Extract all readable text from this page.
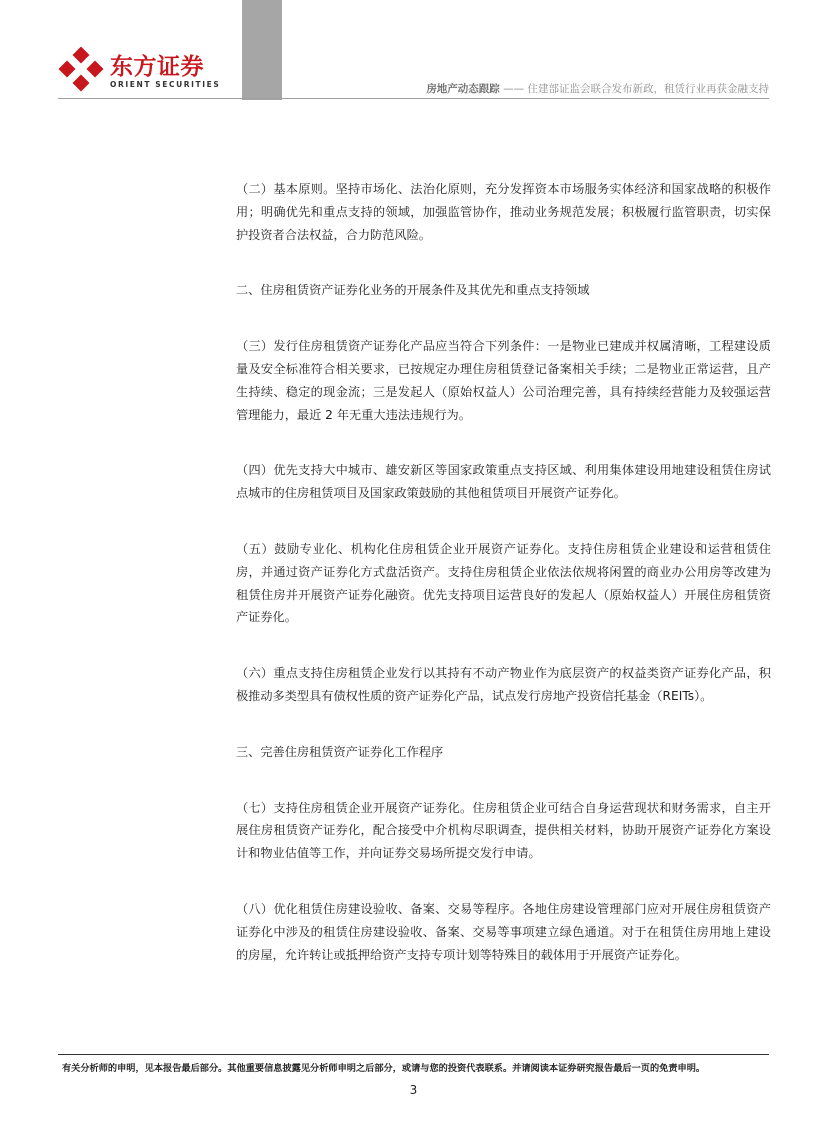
东方证券
ORIENT SECURITIES	房地产动态跟踪 —— 住建部证监会联合发布新政，租赁行业再获金融支持

（二）基本原则。坚持市场化、法治化原则，充分发挥资本市场服务实体经济和国家战略的积极作用；明确优先和重点支持的领域，加强监管协作，推动业务规范发展；积极履行监管职责，切实保护投资者合法权益，合力防范风险。

二、住房租赁资产证券化业务的开展条件及其优先和重点支持领域

（三）发行住房租赁资产证券化产品应当符合下列条件：一是物业已建成并权属清晰，工程建设质量及安全标准符合相关要求，已按规定办理住房租赁登记备案相关手续；二是物业正常运营，且产生持续、稳定的现金流；三是发起人（原始权益人）公司治理完善，具有持续经营能力及较强运营管理能力，最近 2 年无重大违法违规行为。

（四）优先支持大中城市、雄安新区等国家政策重点支持区域、利用集体建设用地建设租赁住房试点城市的住房租赁项目及国家政策鼓励的其他租赁项目开展资产证券化。

（五）鼓励专业化、机构化住房租赁企业开展资产证券化。支持住房租赁企业建设和运营租赁住房，并通过资产证券化方式盘活资产。支持住房租赁企业依法依规将闲置的商业办公用房等改建为租赁住房并开展资产证券化融资。优先支持项目运营良好的发起人（原始权益人）开展住房租赁资产证券化。

（六）重点支持住房租赁企业发行以其持有不动产物业作为底层资产的权益类资产证券化产品，积极推动多类型具有债权性质的资产证券化产品，试点发行房地产投资信托基金（REITs）。

三、完善住房租赁资产证券化工作程序

（七）支持住房租赁企业开展资产证券化。住房租赁企业可结合自身运营现状和财务需求，自主开展住房租赁资产证券化，配合接受中介机构尽职调查，提供相关材料，协助开展资产证券化方案设计和物业估值等工作，并向证券交易场所提交发行申请。

（八）优化租赁住房建设验收、备案、交易等程序。各地住房建设管理部门应对开展住房租赁资产证券化中涉及的租赁住房建设验收、备案、交易等事项建立绿色通道。对于在租赁住房用地上建设的房屋，允许转让或抵押给资产支持专项计划等特殊目的载体用于开展资产证券化。

有关分析师的申明，见本报告最后部分。其他重要信息披露见分析师申明之后部分，或请与您的投资代表联系。并请阅读本证券研究报告最后一页的免责申明。
3
